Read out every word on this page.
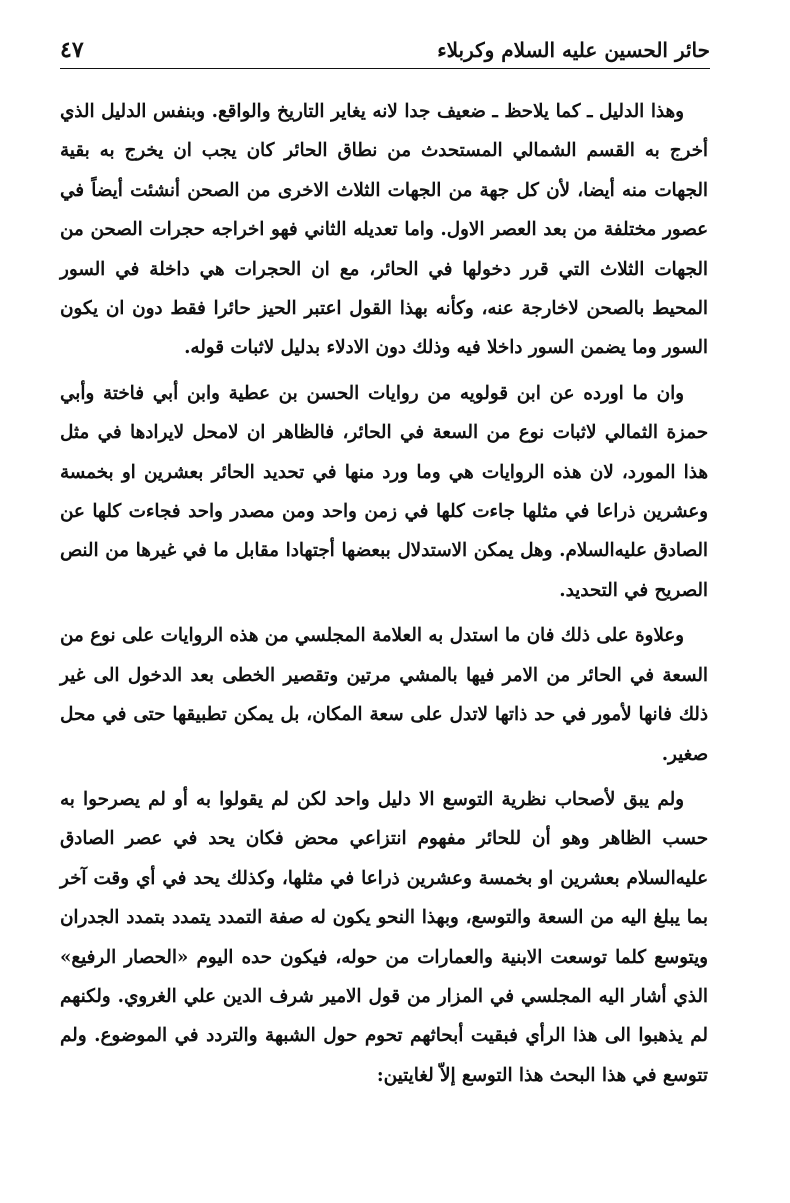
حائر الحسين عليه السلام وكربلاء
٤٧

وهذا الدليل ـ كما يلاحظ ـ ضعيف جدا لانه يغاير التاريخ والواقع. وبنفس الدليل الذي أخرج به القسم الشمالي المستحدث من نطاق الحائر كان يجب ان يخرج به بقية الجهات منه أيضا، لأن كل جهة من الجهات الثلاث الاخرى من الصحن أنشئت أيضاً في عصور مختلفة من بعد العصر الاول. واما تعديله الثاني فهو اخراجه حجرات الصحن من الجهات الثلاث التي قرر دخولها في الحائر، مع ان الحجرات هي داخلة في السور المحيط بالصحن لاخارجة عنه، وكأنه بهذا القول اعتبر الحيز حائرا فقط دون ان يكون السور وما يضمن السور داخلا فيه وذلك دون الادلاء بدليل لاثبات قوله.

وان ما اورده عن ابن قولويه من روايات الحسن بن عطية وابن أبي فاختة وأبي حمزة الثمالي لاثبات نوع من السعة في الحائر، فالظاهر ان لامحل لايرادها في مثل هذا المورد، لان هذه الروايات هي وما ورد منها في تحديد الحائر بعشرين او بخمسة وعشرين ذراعا في مثلها جاءت كلها في زمن واحد ومن مصدر واحد فجاءت كلها عن الصادق عليه‌السلام. وهل يمكن الاستدلال ببعضها أجتهادا مقابل ما في غيرها من النص الصريح في التحديد.

وعلاوة على ذلك فان ما استدل به العلامة المجلسي من هذه الروايات على نوع من السعة في الحائر من الامر فيها بالمشي مرتين وتقصير الخطى بعد الدخول الى غير ذلك فانها لأمور في حد ذاتها لاتدل على سعة المكان، بل يمكن تطبيقها حتى في محل صغير.

ولم يبق لأصحاب نظرية التوسع الا دليل واحد لكن لم يقولوا به أو لم يصرحوا به حسب الظاهر وهو أن للحائر مفهوم انتزاعي محض فكان يحد في عصر الصادق عليه‌السلام بعشرين او بخمسة وعشرين ذراعا في مثلها، وكذلك يحد في أي وقت آخر بما يبلغ اليه من السعة والتوسع، وبهذا النحو يكون له صفة التمدد يتمدد بتمدد الجدران ويتوسع كلما توسعت الابنية والعمارات من حوله، فيكون حده اليوم «الحصار الرفيع» الذي أشار اليه المجلسي في المزار من قول الامير شرف الدين علي الغروي. ولكنهم لم يذهبوا الى هذا الرأي فبقيت أبحاثهم تحوم حول الشبهة والتردد في الموضوع. ولم تتوسع في هذا البحث هذا التوسع إلاّ لغايتين:
